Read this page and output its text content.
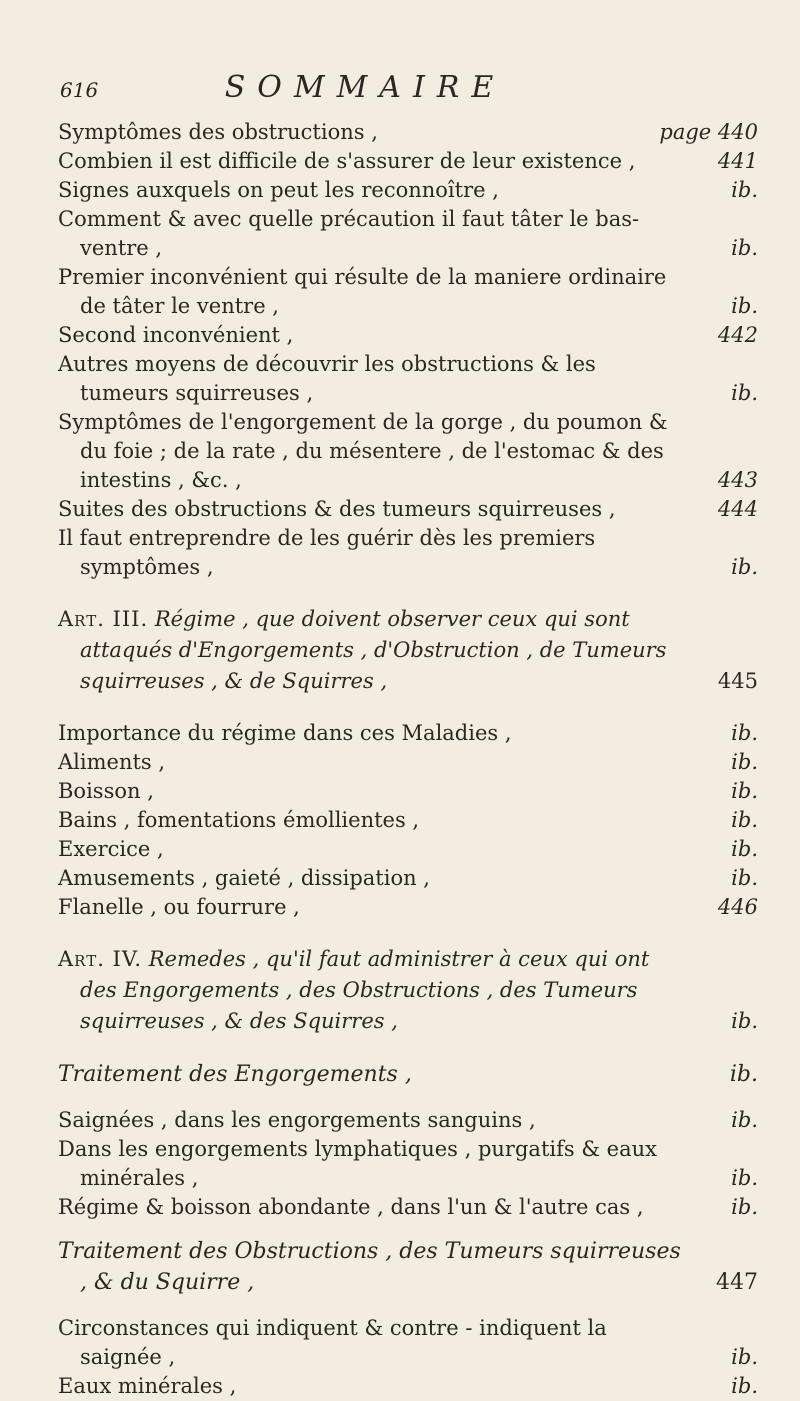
616	SOMMAIRE
Symptômes des obstructions ,	page 440
Combien il est difficile de s'assurer de leur existence ,	441
Signes auxquels on peut les reconnoître ,	ib.
Comment & avec quelle précaution il faut tâter le bas-ventre ,	ib.
Premier inconvénient qui résulte de la maniere ordinaire de tâter le ventre ,	ib.
Second inconvénient ,	442
Autres moyens de découvrir les obstructions & les tumeurs squirreuses ,	ib.
Symptômes de l'engorgement de la gorge , du poumon & du foie ; de la rate , du mésentere , de l'estomac & des intestins , &c. ,	443
Suites des obstructions & des tumeurs squirreuses ,	444
Il faut entreprendre de les guérir dès les premiers symptômes ,	ib.
Art. III. Régime , que doivent observer ceux qui sont attaqués d'Engorgements , d'Obstruction , de Tumeurs squirreuses , & de Squirres ,	445
Importance du régime dans ces Maladies ,	ib.
Aliments ,	ib.
Boisson ,	ib.
Bains , fomentations émollientes ,	ib.
Exercice ,	ib.
Amusements , gaieté , dissipation ,	ib.
Flanelle , ou fourrure ,	446
Art. IV. Remedes , qu'il faut administrer à ceux qui ont des Engorgements , des Obstructions , des Tumeurs squirreuses , & des Squirres ,	ib.
Traitement des Engorgements ,	ib.
Saignées , dans les engorgements sanguins ,	ib.
Dans les engorgements lymphatiques , purgatifs & eaux minérales ,	ib.
Régime & boisson abondante , dans l'un & l'autre cas ,	ib.
Traitement des Obstructions , des Tumeurs squirreuses , & du Squirre ,	447
Circonstances qui indiquent & contre - indiquent la saignée ,	ib.
Eaux minérales ,	ib.
